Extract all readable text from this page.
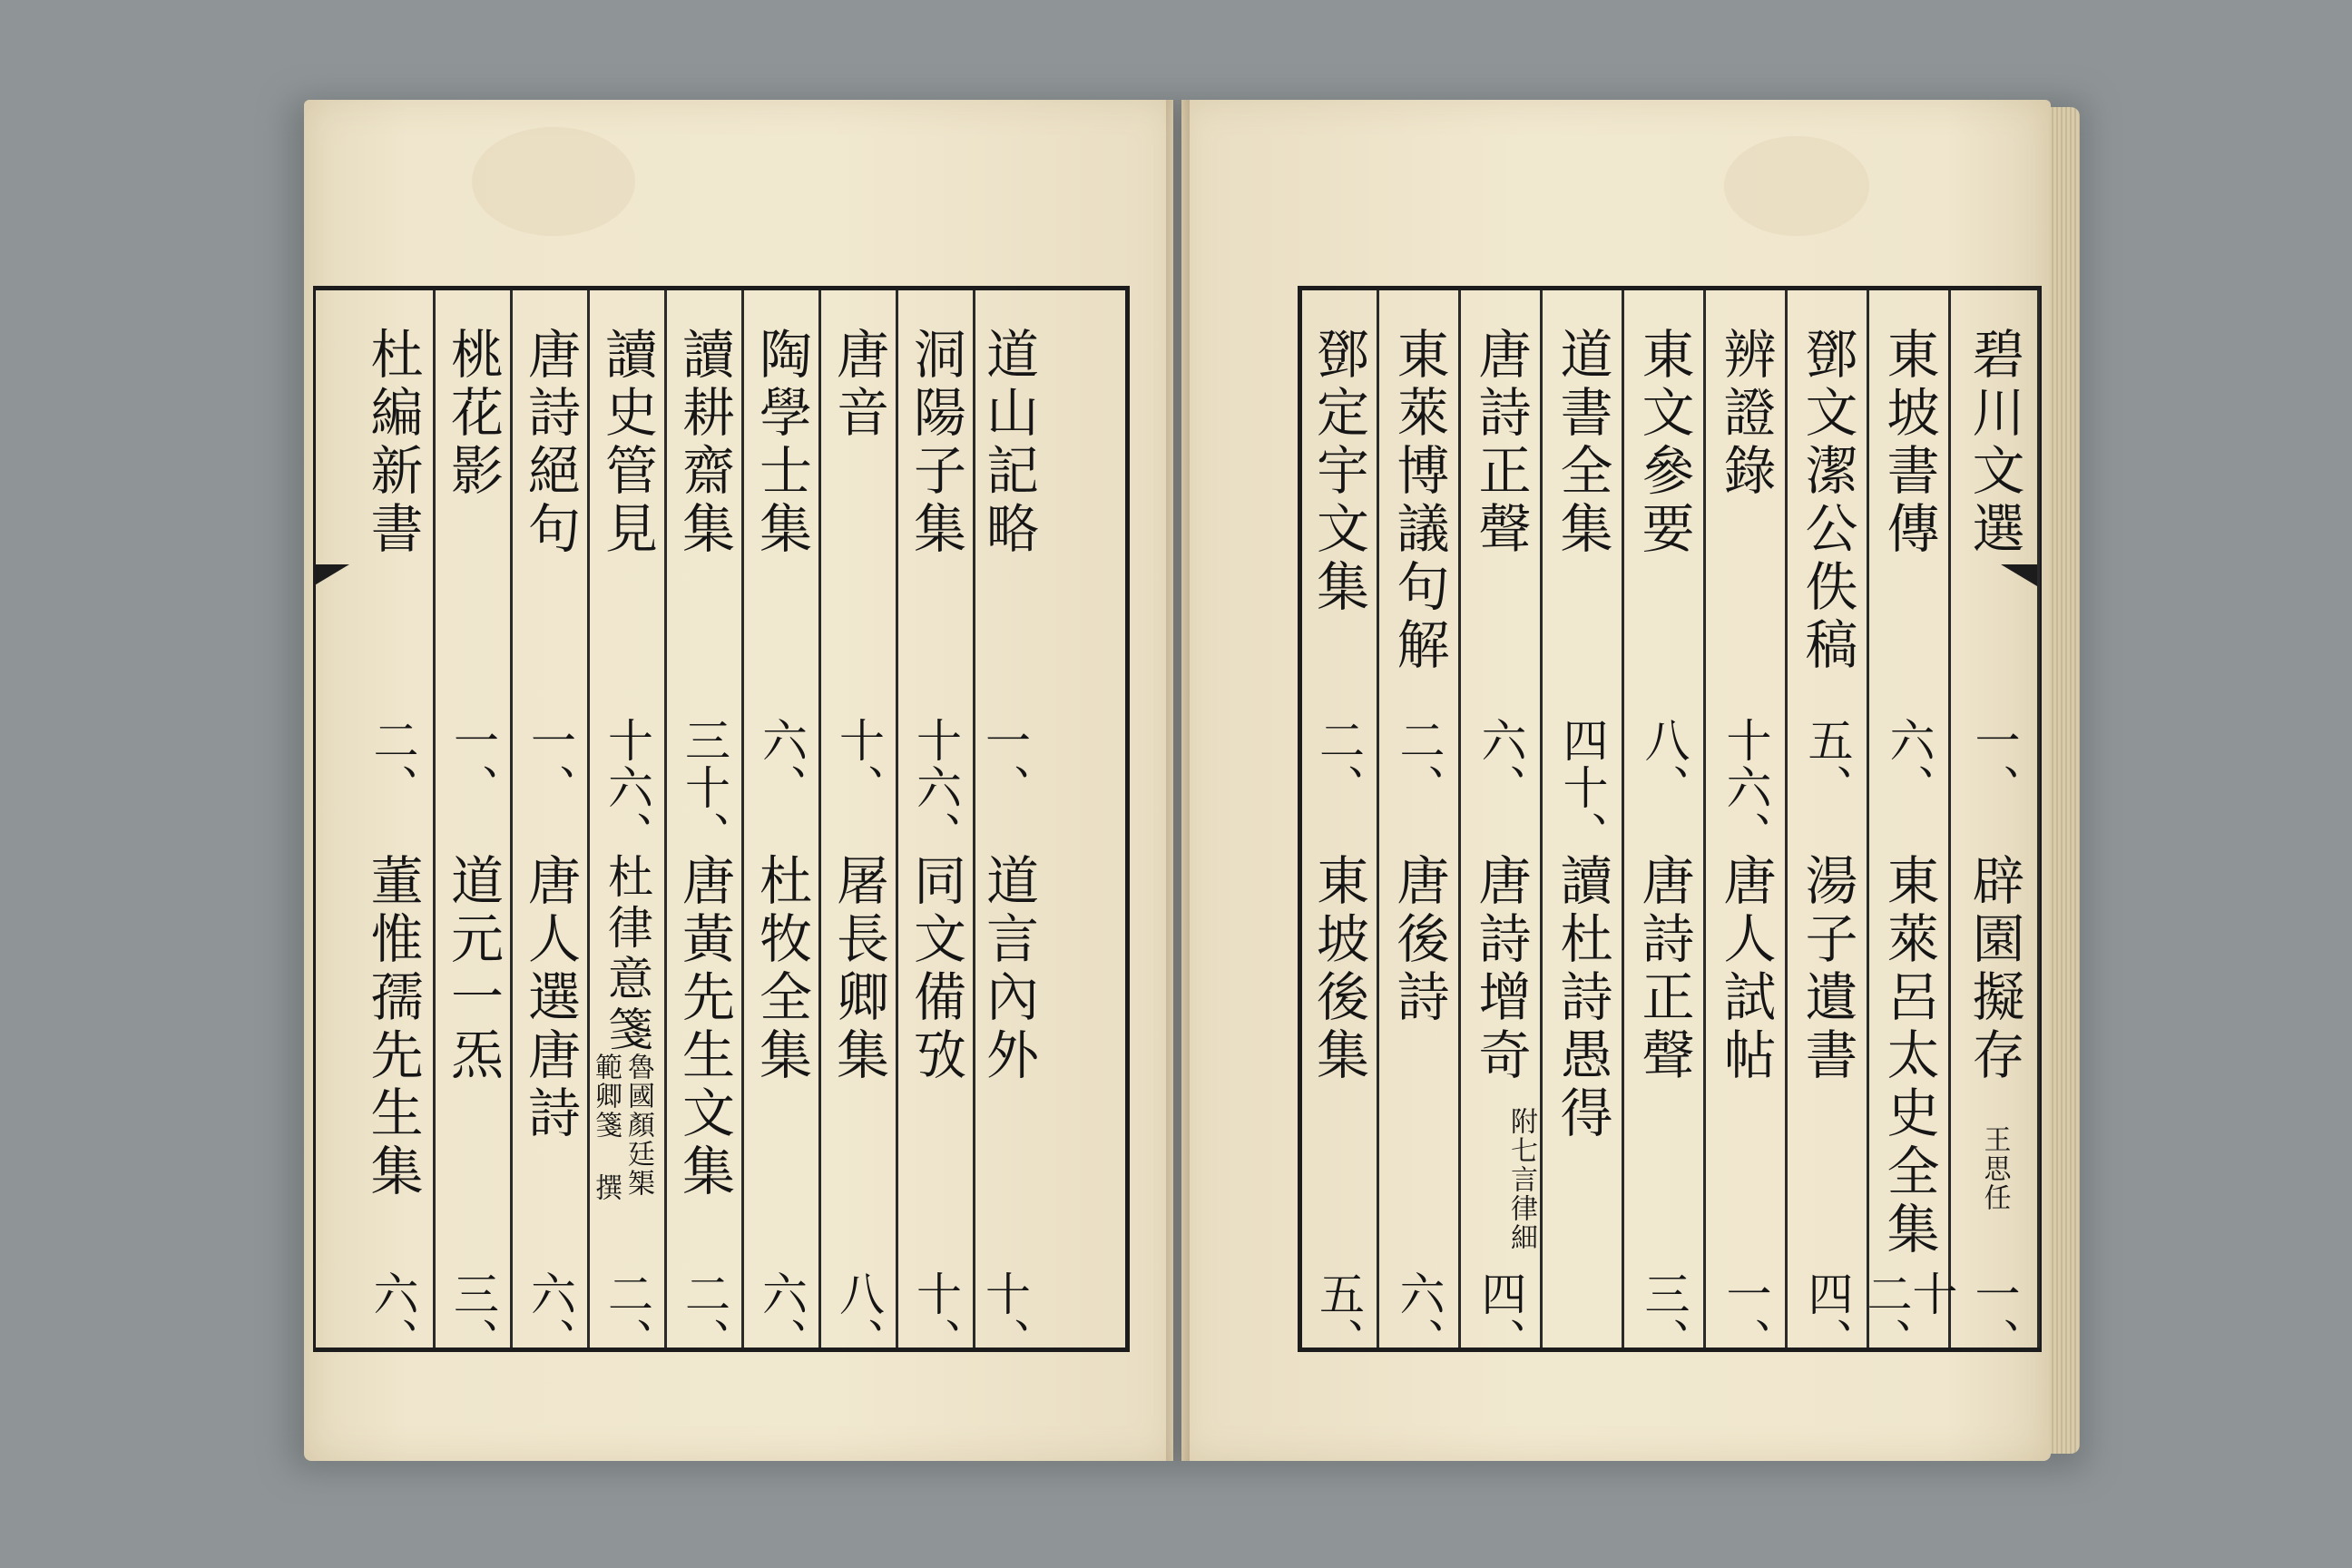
碧川文選
一、
辟園擬存
王思任
一、
東坡書傳
六、
東萊呂太史全集
十二、
鄧文潔公佚稿
五、
湯子遺書
四、
辨證錄
十六、
唐人試帖
一、
東文參要
八、
唐詩正聲
三、
道書全集
四十、
讀杜詩愚得
唐詩正聲
六、
唐詩增奇
附七言律細
四、
東萊博議句解
二、
唐後詩
六、
鄧定宇文集
二、
東坡後集
五、
道山記略
一、
道言內外
十、
洞陽子集
十六、
同文備攷
十、
唐音
十、
屠長卿集
八、
陶學士集
六、
杜牧全集
六、
讀耕齋集
三十、
唐黃先生文集
二、
讀史管見
十六、
杜律意箋
魯國顏廷榘
範卿箋 撰
二、
唐詩絕句
一、
唐人選唐詩
六、
桃花影
一、
道元一炁
三、
杜編新書
二、
董惟孺先生集
六、
